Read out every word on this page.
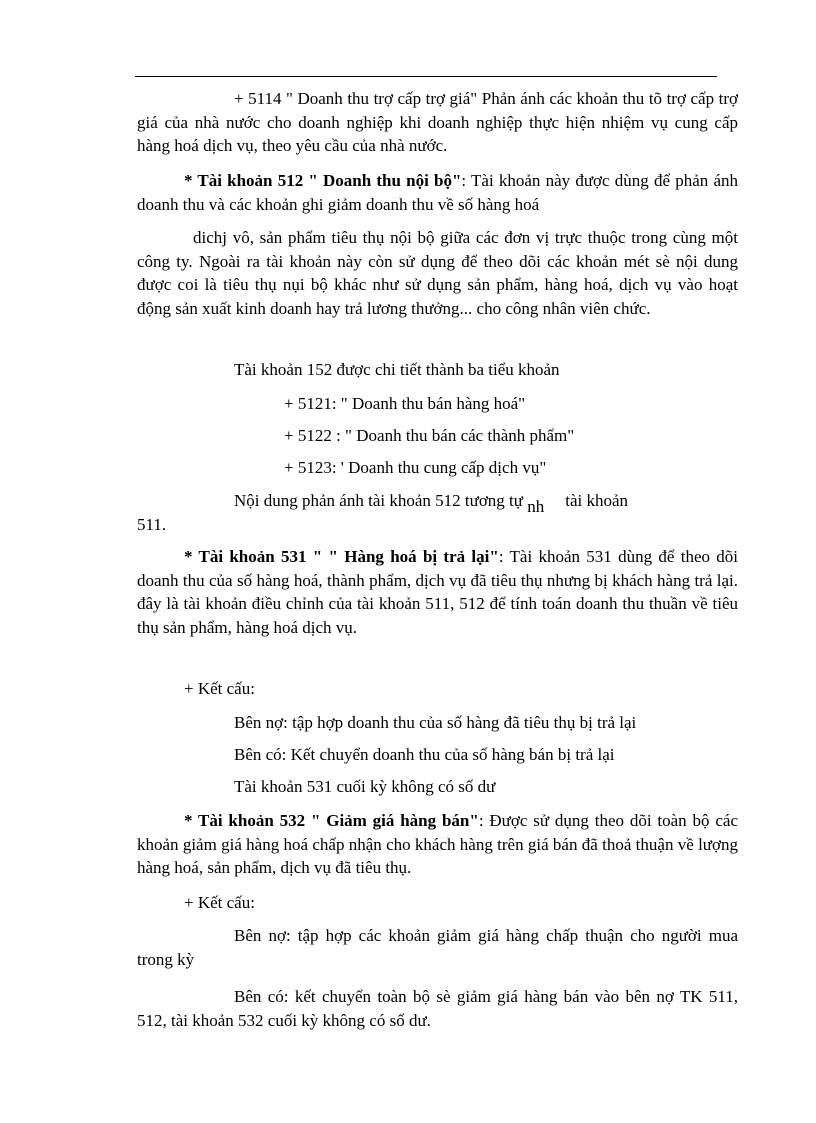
+ 5114 " Doanh thu trợ cấp trợ giá" Phản ánh các khoản thu tõ trợ cấp trợ giá của nhà nước cho doanh nghiệp khi doanh nghiệp thực hiện nhiệm vụ cung cấp hàng hoá dịch vụ, theo yêu cầu của nhà nước.

* Tài khoản 512 " Doanh thu nội bộ": Tài khoản này được dùng để phản ánh doanh thu và các khoản ghi giảm doanh thu về số hàng hoá

dichj vô, sản phẩm tiêu thụ nội bộ giữa các đơn vị trực thuộc trong cùng một công ty. Ngoài ra tài khoản này còn sử dụng để theo dõi các khoản mét sè nội dung được coi là tiêu thụ nụi bộ khác như sử dụng sản phẩm, hàng hoá, dịch vụ vào hoạt động sản xuất kinh doanh hay trả lương thưởng... cho công nhân viên chức.

Tài khoản 152 được chi tiết thành ba tiểu khoản

+ 5121: " Doanh thu bán hàng hoá"

+ 5122 : " Doanh thu bán các thành phẩm"

+ 5123: ' Doanh thu cung cấp dịch vụ"

Nội dung phản ánh tài khoản 512 tương tự nh tài khoản

511.

* Tài khoản 531 " " Hàng hoá bị trả lại": Tài khoản 531 dùng để theo dõi doanh thu của số hàng hoá, thành phẩm, dịch vụ đã tiêu thụ nhưng bị khách hàng trả lại. đây là tài khoản điều chỉnh của tài khoản 511, 512 để tính toán doanh thu thuần về tiêu thụ sản phẩm, hàng hoá dịch vụ.

+ Kết cấu:

Bên nợ: tập hợp doanh thu của số hàng đã tiêu thụ bị trả lại

Bên có: Kết chuyển doanh thu của số hàng bán bị trả lại

Tài khoản 531 cuối kỳ không có số dư

* Tài khoản 532 " Giảm giá hàng bán": Được sử dụng theo dõi toàn bộ các khoản giảm giá hàng hoá chấp nhận cho khách hàng trên giá bán đã thoả thuận về lượng hàng hoá, sản phẩm, dịch vụ đã tiêu thụ.

+ Kết cấu:

Bên nợ: tập hợp các khoản giảm giá hàng chấp thuận cho người mua trong kỳ

Bên có: kết chuyển toàn bộ sè giảm giá hàng bán vào bên nợ TK 511, 512, tài khoản 532 cuối kỳ không có số dư.
